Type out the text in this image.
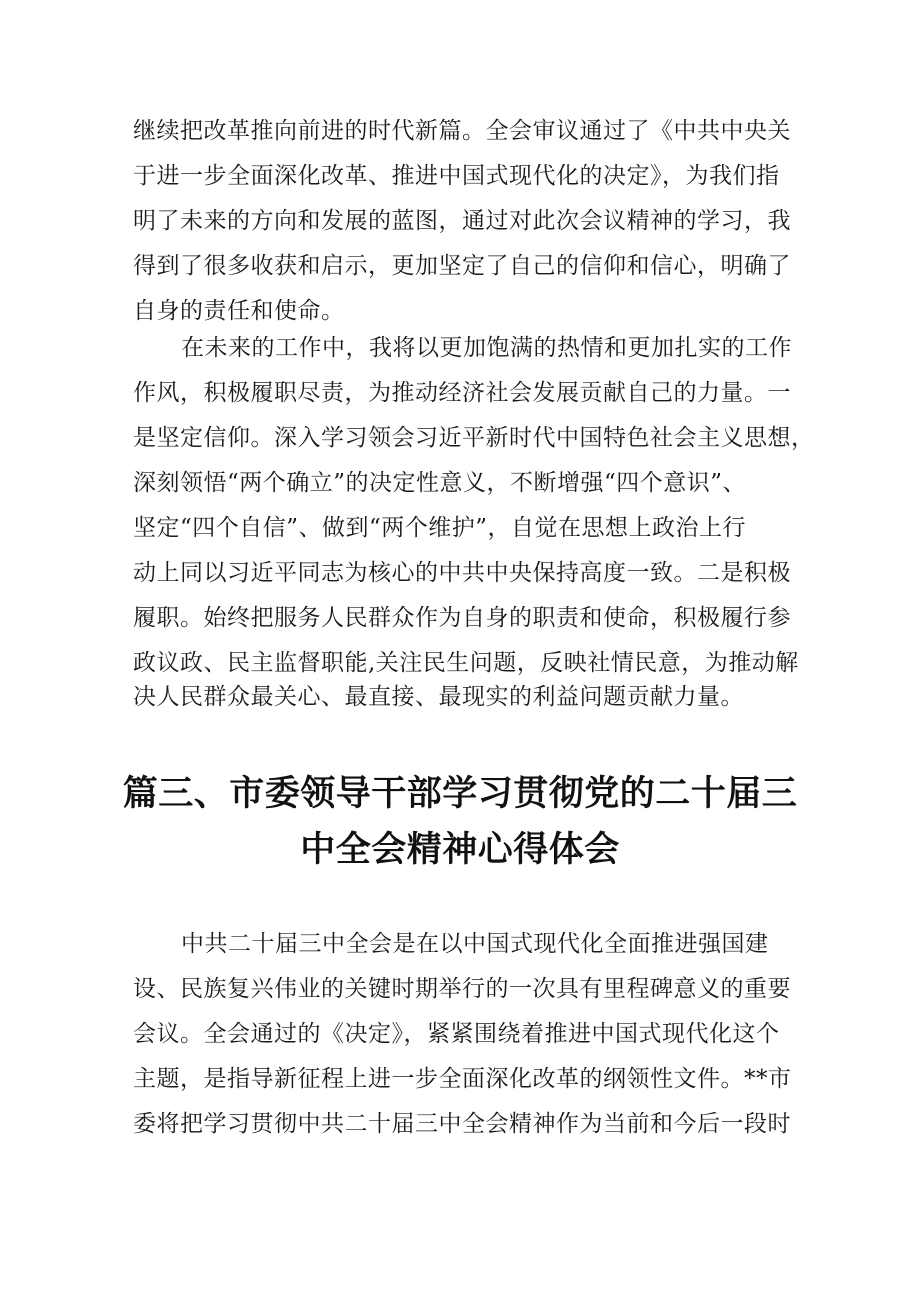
继续把改革推向前进的时代新篇。全会审议通过了《中共中央关

于进一步全面深化改革、推进中国式现代化的决定》，为我们指

明了未来的方向和发展的蓝图，通过对此次会议精神的学习，我

得到了很多收获和启示，更加坚定了自己的信仰和信心，明确了

自身的责任和使命。

在未来的工作中，我将以更加饱满的热情和更加扎实的工作

作风，积极履职尽责，为推动经济社会发展贡献自己的力量。一

是坚定信仰。深入学习领会习近平新时代中国特色社会主义思想，

深刻领悟“两个确立”的决定性意义，不断增强“四个意识”、

坚定“四个自信”、做到“两个维护”，自觉在思想上政治上行

动上同以习近平同志为核心的中共中央保持高度一致。二是积极

履职。始终把服务人民群众作为自身的职责和使命，积极履行参

政议政、民主监督职能,关注民生问题，反映社情民意，为推动解

决人民群众最关心、最直接、最现实的利益问题贡献力量。

篇三、市委领导干部学习贯彻党的二十届三
中全会精神心得体会

中共二十届三中全会是在以中国式现代化全面推进强国建

设、民族复兴伟业的关键时期举行的一次具有里程碑意义的重要

会议。全会通过的《决定》，紧紧围绕着推进中国式现代化这个

主题，是指导新征程上进一步全面深化改革的纲领性文件。**市

委将把学习贯彻中共二十届三中全会精神作为当前和今后一段时
